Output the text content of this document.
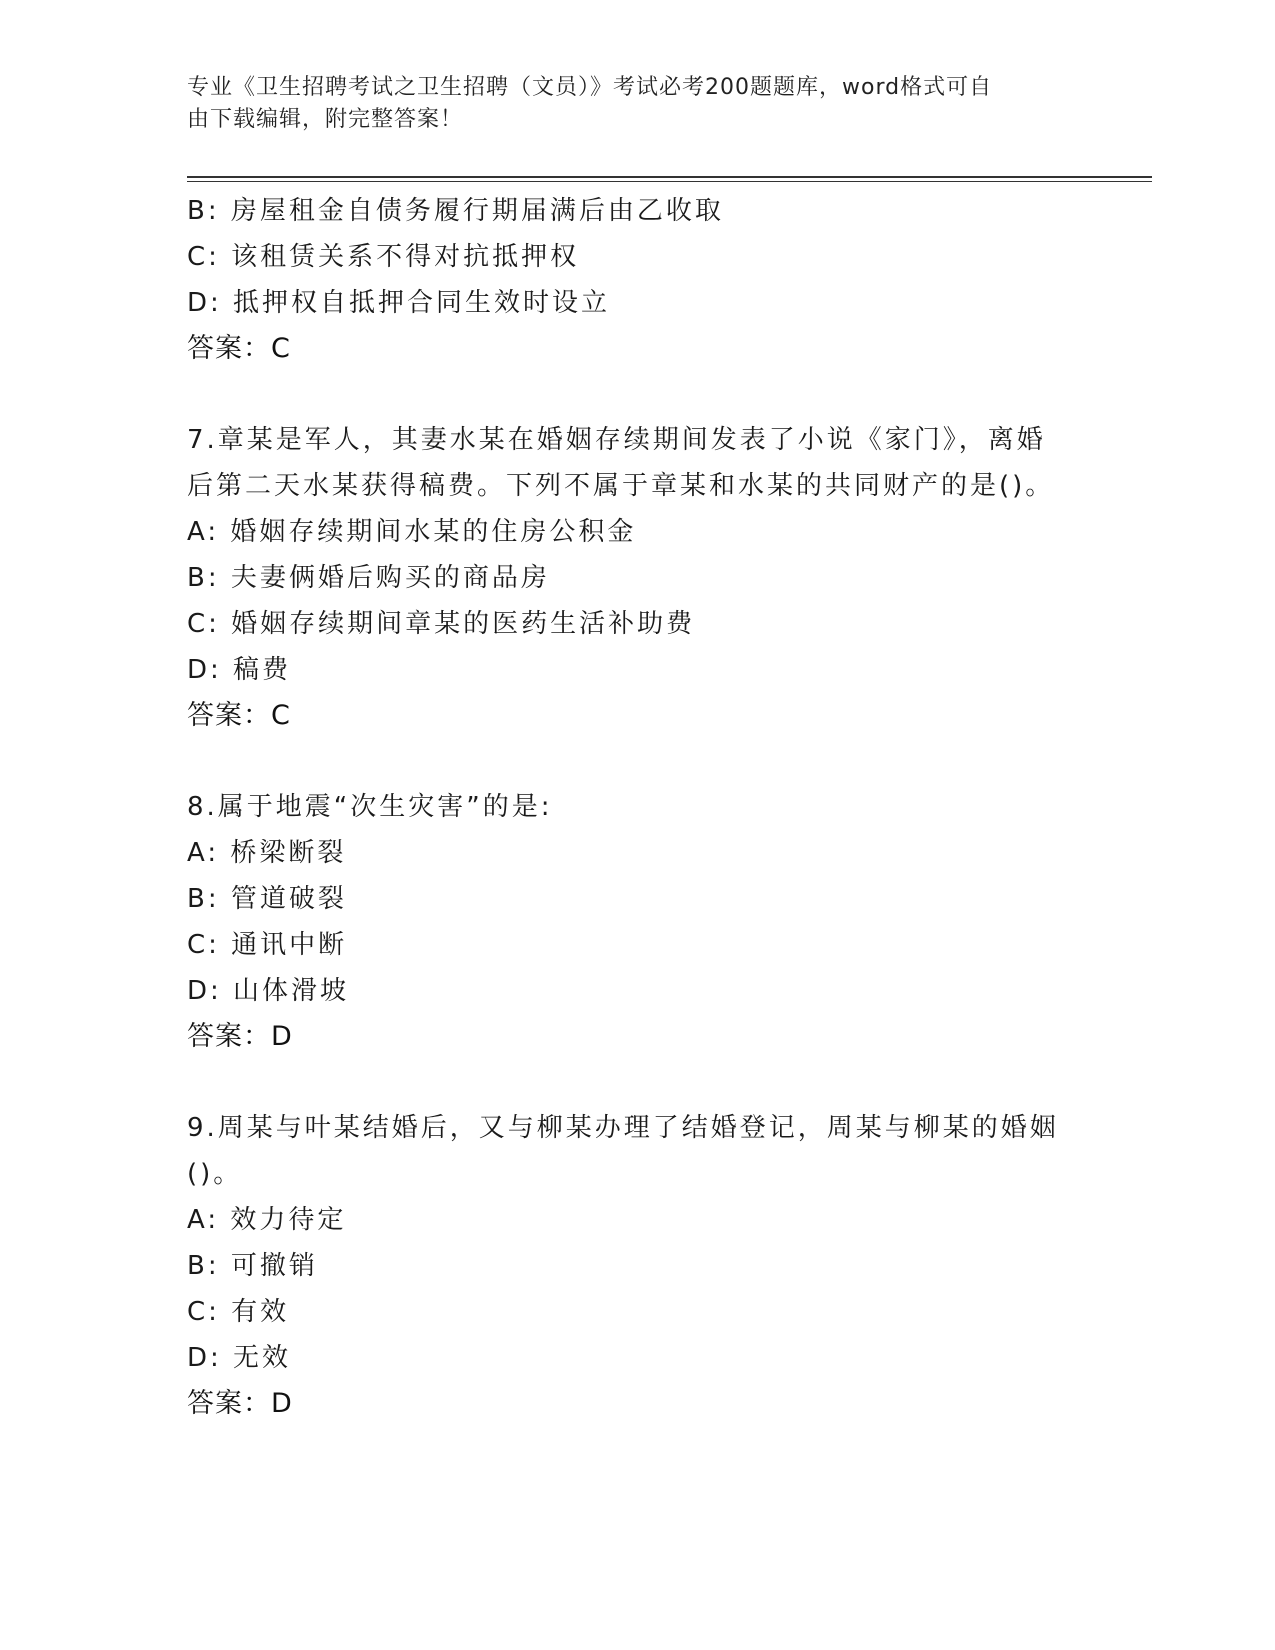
专业《卫生招聘考试之卫生招聘（文员）》考试必考200题题库，word格式可自
由下载编辑，附完整答案！
B: 房屋租金自债务履行期届满后由乙收取
C: 该租赁关系不得对抗抵押权
D: 抵押权自抵押合同生效时设立
答案：C
7.章某是军人，其妻水某在婚姻存续期间发表了小说《家门》，离婚
后第二天水某获得稿费。下列不属于章某和水某的共同财产的是()。
A: 婚姻存续期间水某的住房公积金
B: 夫妻俩婚后购买的商品房
C: 婚姻存续期间章某的医药生活补助费
D: 稿费
答案：C
8.属于地震“次生灾害”的是:
A: 桥梁断裂
B: 管道破裂
C: 通讯中断
D: 山体滑坡
答案：D
9.周某与叶某结婚后，又与柳某办理了结婚登记，周某与柳某的婚姻
()。
A: 效力待定
B: 可撤销
C: 有效
D: 无效
答案：D
